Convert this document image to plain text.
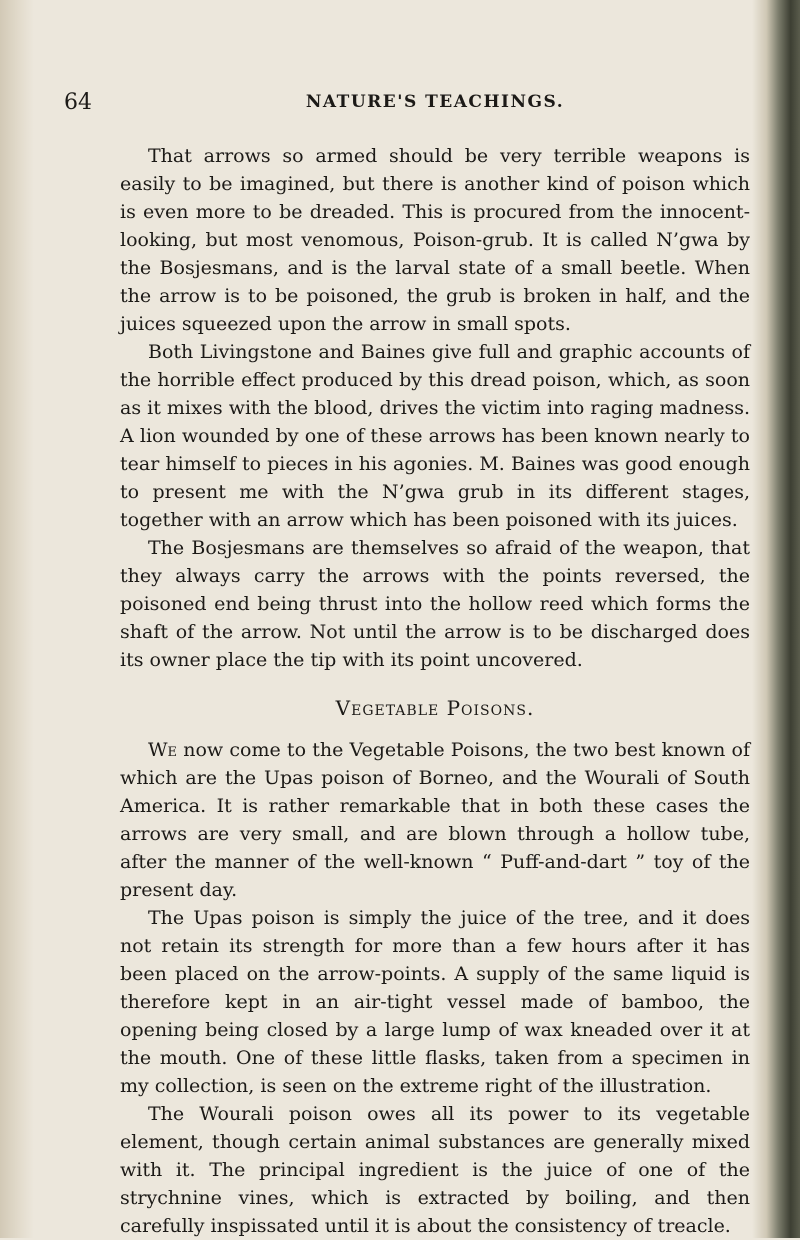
64	NATURE'S TEACHINGS.

That arrows so armed should be very terrible weapons is easily to be imagined, but there is another kind of poison which is even more to be dreaded. This is procured from the innocent-looking, but most venomous, Poison-grub. It is called N’gwa by the Bosjesmans, and is the larval state of a small beetle. When the arrow is to be poisoned, the grub is broken in half, and the juices squeezed upon the arrow in small spots.

Both Livingstone and Baines give full and graphic accounts of the horrible effect produced by this dread poison, which, as soon as it mixes with the blood, drives the victim into raging madness. A lion wounded by one of these arrows has been known nearly to tear himself to pieces in his agonies. M. Baines was good enough to present me with the N’gwa grub in its different stages, together with an arrow which has been poisoned with its juices.

The Bosjesmans are themselves so afraid of the weapon, that they always carry the arrows with the points reversed, the poisoned end being thrust into the hollow reed which forms the shaft of the arrow. Not until the arrow is to be discharged does its owner place the tip with its point uncovered.

Vegetable Poisons.

We now come to the Vegetable Poisons, the two best known of which are the Upas poison of Borneo, and the Wourali of South America. It is rather remarkable that in both these cases the arrows are very small, and are blown through a hollow tube, after the manner of the well-known “ Puff-and-dart ” toy of the present day.

The Upas poison is simply the juice of the tree, and it does not retain its strength for more than a few hours after it has been placed on the arrow-points. A supply of the same liquid is therefore kept in an air-tight vessel made of bamboo, the opening being closed by a large lump of wax kneaded over it at the mouth. One of these little flasks, taken from a specimen in my collection, is seen on the extreme right of the illustration.

The Wourali poison owes all its power to its vegetable element, though certain animal substances are generally mixed with it. The principal ingredient is the juice of one of the strychnine vines, which is extracted by boiling, and then carefully inspissated until it is about the consistency of treacle.
